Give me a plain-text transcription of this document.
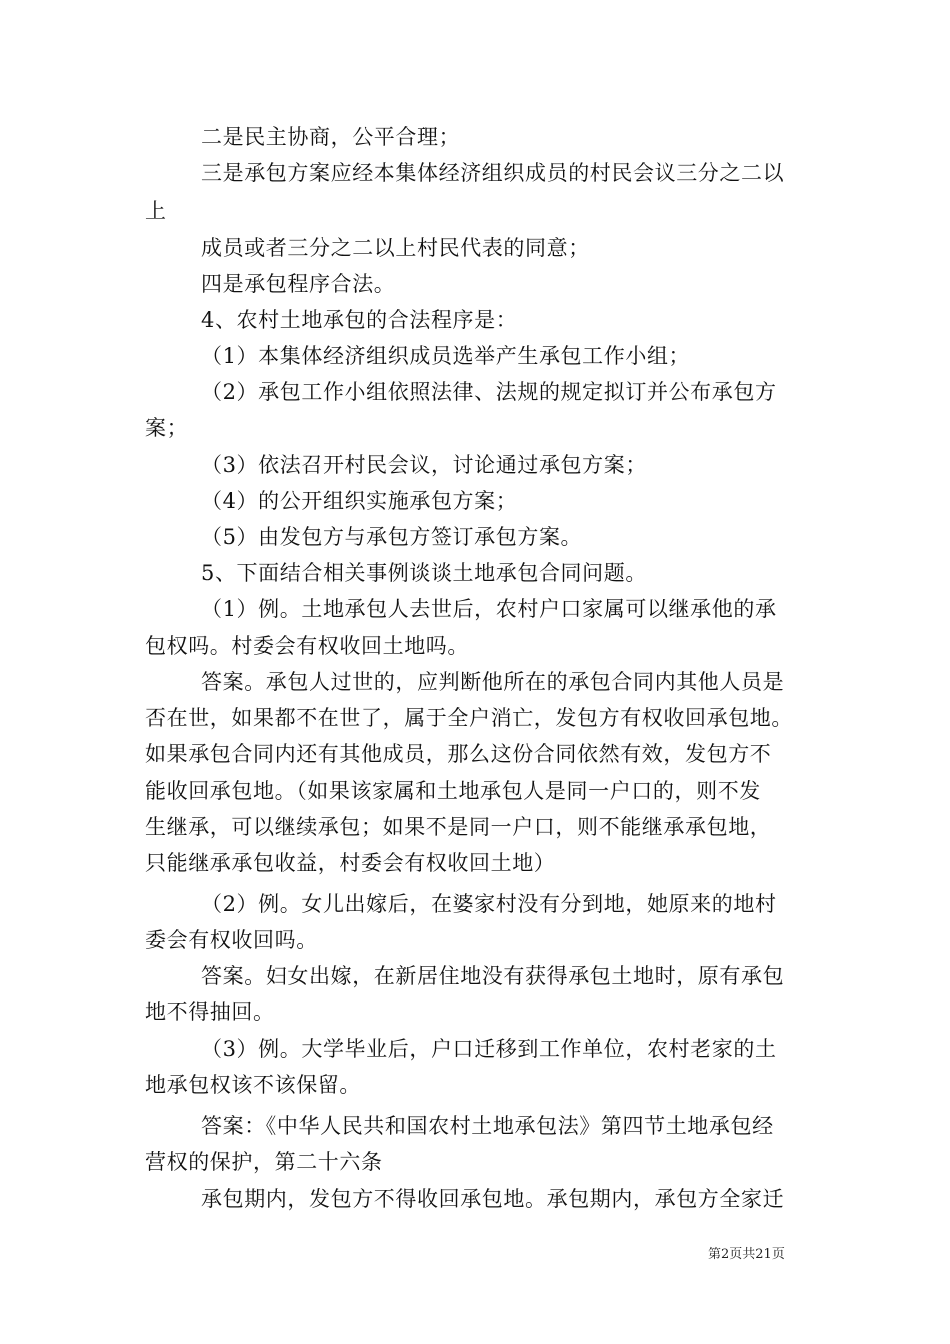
二是民主协商，公平合理；
三是承包方案应经本集体经济组织成员的村民会议三分之二以
上
成员或者三分之二以上村民代表的同意；
四是承包程序合法。
4、农村土地承包的合法程序是：
（1）本集体经济组织成员选举产生承包工作小组；
（2）承包工作小组依照法律、法规的规定拟订并公布承包方
案；
（3）依法召开村民会议，讨论通过承包方案；
（4）的公开组织实施承包方案；
（5）由发包方与承包方签订承包方案。
5、下面结合相关事例谈谈土地承包合同问题。
（1）例。土地承包人去世后，农村户口家属可以继承他的承
包权吗。村委会有权收回土地吗。
答案。承包人过世的，应判断他所在的承包合同内其他人员是
否在世，如果都不在世了，属于全户消亡，发包方有权收回承包地。
如果承包合同内还有其他成员，那么这份合同依然有效，发包方不
能收回承包地。（如果该家属和土地承包人是同一户口的，则不发
生继承，可以继续承包；如果不是同一户口，则不能继承承包地，
只能继承承包收益，村委会有权收回土地）
（2）例。女儿出嫁后，在婆家村没有分到地，她原来的地村
委会有权收回吗。
答案。妇女出嫁，在新居住地没有获得承包土地时，原有承包
地不得抽回。
（3）例。大学毕业后，户口迁移到工作单位，农村老家的土
地承包权该不该保留。
答案：《中华人民共和国农村土地承包法》第四节土地承包经
营权的保护，第二十六条
承包期内，发包方不得收回承包地。承包期内，承包方全家迁
第2页共21页
